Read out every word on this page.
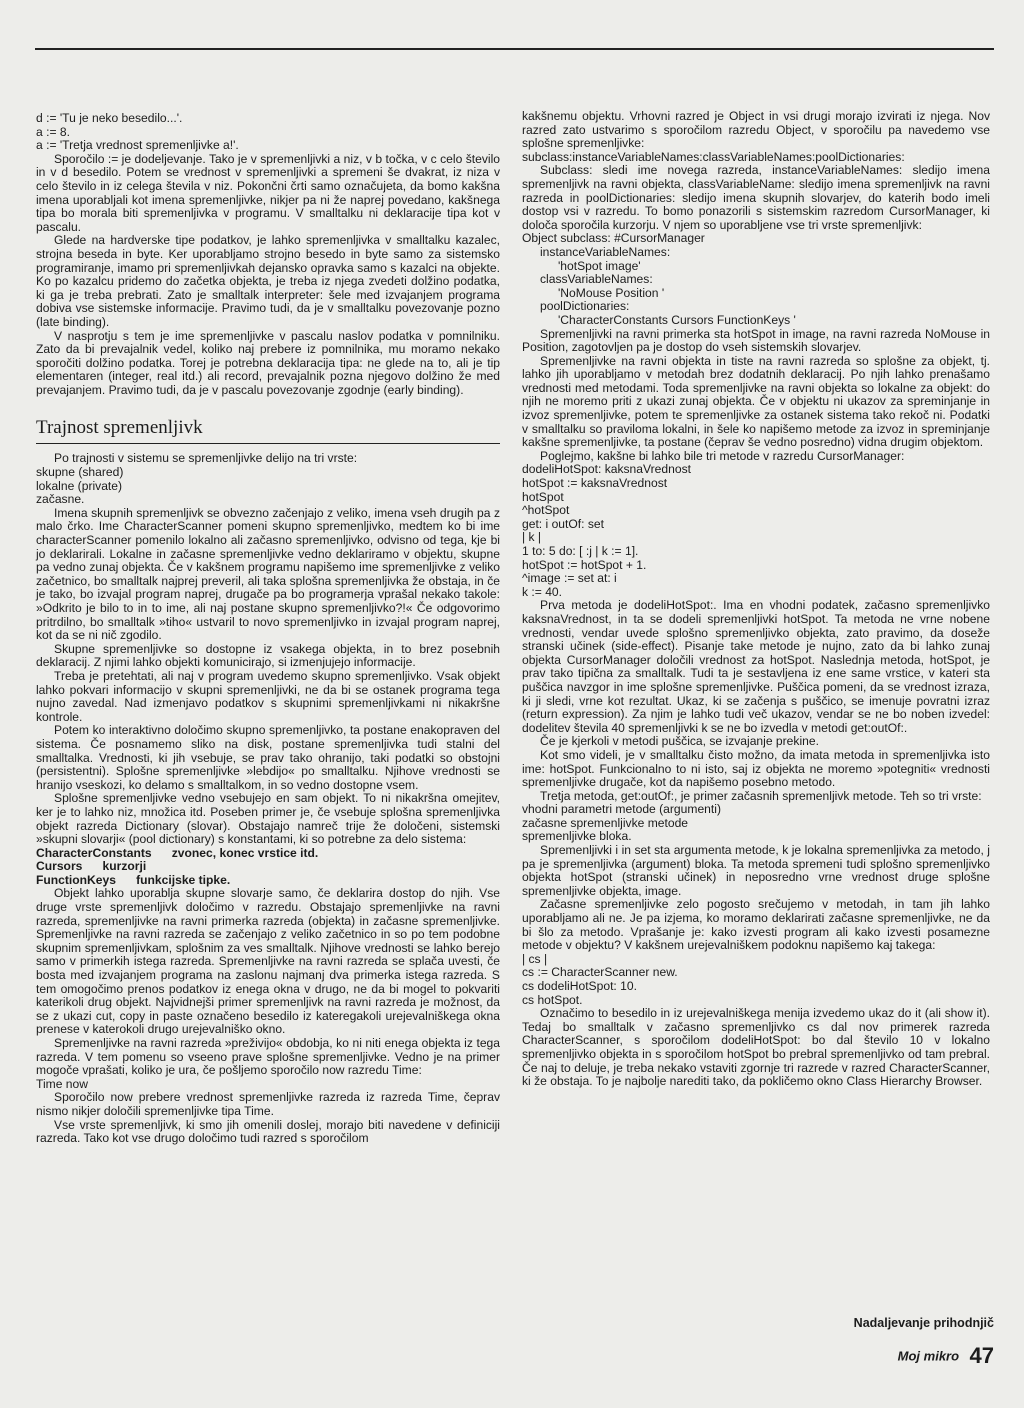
d := 'Tu je neko besedilo...'.

a := 8.

a := 'Tretja vrednost spremenljivke a!'.

Sporočilo := je dodeljevanje. Tako je v spremenljivki a niz, v b točka, v c celo število in v d besedilo. Potem se vrednost v spremenljivki a spremeni še dvakrat, iz niza v celo število in iz celega števila v niz. Pokončni črti samo označujeta, da bomo kakšna imena uporabljali kot imena spremenljivke, nikjer pa ni že naprej povedano, kakšnega tipa bo morala biti spremenljivka v programu. V smalltalku ni deklaracije tipa kot v pascalu.

Glede na hardverske tipe podatkov, je lahko spremenljivka v smalltalku kazalec, strojna beseda in byte. Ker uporabljamo strojno besedo in byte samo za sistemsko programiranje, imamo pri spremenljivkah dejansko opravka samo s kazalci na objekte. Ko po kazalcu pridemo do začetka objekta, je treba iz njega zvedeti dolžino podatka, ki ga je treba prebrati. Zato je smalltalk interpreter: šele med izvajanjem programa dobiva vse sistemske informacije. Pravimo tudi, da je v smalltalku povezovanje pozno (late binding).

V nasprotju s tem je ime spremenljivke v pascalu naslov podatka v pomnilniku. Zato da bi prevajalnik vedel, koliko naj prebere iz pomnilnika, mu moramo nekako sporočiti dolžino podatka. Torej je potrebna deklaracija tipa: ne glede na to, ali je tip elementaren (integer, real itd.) ali record, prevajalnik pozna njegovo dolžino že med prevajanjem. Pravimo tudi, da je v pascalu povezovanje zgodnje (early binding).

Trajnost spremenljivk

Po trajnosti v sistemu se spremenljivke delijo na tri vrste:

skupne (shared)

lokalne (private)

začasne.

Imena skupnih spremenljivk se obvezno začenjajo z veliko, imena vseh drugih pa z malo črko. Ime CharacterScanner pomeni skupno spremenljivko, medtem ko bi ime characterScanner pomenilo lokalno ali začasno spremenljivko, odvisno od tega, kje bi jo deklarirali. Lokalne in začasne spremenljivke vedno deklariramo v objektu, skupne pa vedno zunaj objekta. Če v kakšnem programu napišemo ime spremenljivke z veliko začetnico, bo smalltalk najprej preveril, ali taka splošna spremenljivka že obstaja, in če je tako, bo izvajal program naprej, drugače pa bo programerja vprašal nekako takole: »Odkrito je bilo to in to ime, ali naj postane skupno spremenljivko?!« Če odgovorimo pritrdilno, bo smalltalk »tiho« ustvaril to novo spremenljivko in izvajal program naprej, kot da se ni nič zgodilo.

Skupne spremenljivke so dostopne iz vsakega objekta, in to brez posebnih deklaracij. Z njimi lahko objekti komunicirajo, si izmenjujejo informacije.

Treba je pretehtati, ali naj v program uvedemo skupno spremenljivko. Vsak objekt lahko pokvari informacijo v skupni spremenljivki, ne da bi se ostanek programa tega nujno zavedal. Nad izmenjavo podatkov s skupnimi spremenljivkami ni nikakršne kontrole.

Potem ko interaktivno določimo skupno spremenljivko, ta postane enakopraven del sistema. Če posnamemo sliko na disk, postane spremenljivka tudi stalni del smalltalka. Vrednosti, ki jih vsebuje, se prav tako ohranijo, taki podatki so obstojni (persistentni). Splošne spremenljivke »lebdijo« po smalltalku. Njihove vrednosti se hranijo vseskozi, ko delamo s smalltalkom, in so vedno dostopne vsem.

Splošne spremenljivke vedno vsebujejo en sam objekt. To ni nikakršna omejitev, ker je to lahko niz, množica itd. Poseben primer je, če vsebuje splošna spremenljivka objekt razreda Dictionary (slovar). Obstajajo namreč trije že določeni, sistemski »skupni slovarji« (pool dictionary) s konstantami, ki so potrebne za delo sistema:

CharacterConstants      zvonec, konec vrstice itd.

Cursors      kurzorji

FunctionKeys      funkcijske tipke.

Objekt lahko uporablja skupne slovarje samo, če deklarira dostop do njih. Vse druge vrste spremenljivk določimo v razredu. Obstajajo spremenljivke na ravni razreda, spremenljivke na ravni primerka razreda (objekta) in začasne spremenljivke. Spremenljivke na ravni razreda se začenjajo z veliko začetnico in so po tem podobne skupnim spremenljivkam, splošnim za ves smalltalk. Njihove vrednosti se lahko berejo samo v primerkih istega razreda. Spremenljivke na ravni razreda se splača uvesti, če bosta med izvajanjem programa na zaslonu najmanj dva primerka istega razreda. S tem omogočimo prenos podatkov iz enega okna v drugo, ne da bi mogel to pokvariti katerikoli drug objekt. Najvidnejši primer spremenljivk na ravni razreda je možnost, da se z ukazi cut, copy in paste označeno besedilo iz kateregakoli urejevalniškega okna prenese v katerokoli drugo urejevalniško okno.

Spremenljivke na ravni razreda »preživijo« obdobja, ko ni niti enega objekta iz tega razreda. V tem pomenu so vseeno prave splošne spremenljivke. Vedno je na primer mogoče vprašati, koliko je ura, če pošljemo sporočilo now razredu Time:

Time now

Sporočilo now prebere vrednost spremenljivke razreda iz razreda Time, čeprav nismo nikjer določili spremenljivke tipa Time.

Vse vrste spremenljivk, ki smo jih omenili doslej, morajo biti navedene v definiciji razreda. Tako kot vse drugo določimo tudi razred s sporočilom

kakšnemu objektu. Vrhovni razred je Object in vsi drugi morajo izvirati iz njega. Nov razred zato ustvarimo s sporočilom razredu Object, v sporočilu pa navedemo vse splošne spremenljivke:

subclass:instanceVariableNames:classVariableNames:poolDictionaries:

Subclass: sledi ime novega razreda, instanceVariableNames: sledijo imena spremenljivk na ravni objekta, classVariableName: sledijo imena spremenljivk na ravni razreda in poolDictionaries: sledijo imena skupnih slovarjev, do katerih bodo imeli dostop vsi v razredu. To bomo ponazorili s sistemskim razredom CursorManager, ki določa sporočila kurzorju. V njem so uporabljene vse tri vrste spremenljivk:

Object subclass: #CursorManager

instanceVariableNames:

'hotSpot image'

classVariableNames:

'NoMouse Position '

poolDictionaries:

'CharacterConstants Cursors FunctionKeys '

Spremenljivki na ravni primerka sta hotSpot in image, na ravni razreda NoMouse in Position, zagotovljen pa je dostop do vseh sistemskih slovarjev.

Spremenljivke na ravni objekta in tiste na ravni razreda so splošne za objekt, tj. lahko jih uporabljamo v metodah brez dodatnih deklaracij. Po njih lahko prenašamo vrednosti med metodami. Toda spremenljivke na ravni objekta so lokalne za objekt: do njih ne moremo priti z ukazi zunaj objekta. Če v objektu ni ukazov za spreminjanje in izvoz spremenljivke, potem te spremenljivke za ostanek sistema tako rekoč ni. Podatki v smalltalku so praviloma lokalni, in šele ko napišemo metode za izvoz in spreminjanje kakšne spremenljivke, ta postane (čeprav še vedno posredno) vidna drugim objektom.

Poglejmo, kakšne bi lahko bile tri metode v razredu CursorManager:

dodeliHotSpot: kaksnaVrednost

hotSpot := kaksnaVrednost

hotSpot

^hotSpot

get: i outOf: set

| k |

1 to: 5 do: [ :j | k := 1].

hotSpot := hotSpot + 1.

^image := set at: i

k := 40.

Prva metoda je dodeliHotSpot:. Ima en vhodni podatek, začasno spremenljivko kaksnaVrednost, in ta se dodeli spremenljivki hotSpot. Ta metoda ne vrne nobene vrednosti, vendar uvede splošno spremenljivko objekta, zato pravimo, da doseže stranski učinek (side-effect). Pisanje take metode je nujno, zato da bi lahko zunaj objekta CursorManager določili vrednost za hotSpot. Naslednja metoda, hotSpot, je prav tako tipična za smalltalk. Tudi ta je sestavljena iz ene same vrstice, v kateri sta puščica navzgor in ime splošne spremenljivke. Puščica pomeni, da se vrednost izraza, ki ji sledi, vrne kot rezultat. Ukaz, ki se začenja s puščico, se imenuje povratni izraz (return expression). Za njim je lahko tudi več ukazov, vendar se ne bo noben izvedel: dodelitev števila 40 spremenljivki k se ne bo izvedla v metodi get:outOf:.

Če je kjerkoli v metodi puščica, se izvajanje prekine.

Kot smo videli, je v smalltalku čisto možno, da imata metoda in spremenljivka isto ime: hotSpot. Funkcionalno to ni isto, saj iz objekta ne moremo »potegniti« vrednosti spremenljivke drugače, kot da napišemo posebno metodo.

Tretja metoda, get:outOf:, je primer začasnih spremenljivk metode. Teh so tri vrste:

vhodni parametri metode (argumenti)

začasne spremenljivke metode

spremenljivke bloka.

Spremenljivki i in set sta argumenta metode, k je lokalna spremenljivka za metodo, j pa je spremenljivka (argument) bloka. Ta metoda spremeni tudi splošno spremenljivko objekta hotSpot (stranski učinek) in neposredno vrne vrednost druge splošne spremenljivke objekta, image.

Začasne spremenljivke zelo pogosto srečujemo v metodah, in tam jih lahko uporabljamo ali ne. Je pa izjema, ko moramo deklarirati začasne spremenljivke, ne da bi šlo za metodo. Vprašanje je: kako izvesti program ali kako izvesti posamezne metode v objektu? V kakšnem urejevalniškem podoknu napišemo kaj takega:

| cs |

cs := CharacterScanner new.

cs dodeliHotSpot: 10.

cs hotSpot.

Označimo to besedilo in iz urejevalniškega menija izvedemo ukaz do it (ali show it). Tedaj bo smalltalk v začasno spremenljivko cs dal nov primerek razreda CharacterScanner, s sporočilom dodeliHotSpot: bo dal število 10 v lokalno spremenljivko objekta in s sporočilom hotSpot bo prebral spremenljivko od tam prebral. Če naj to deluje, je treba nekako vstaviti zgornje tri razrede v razred CharacterScanner, ki že obstaja. To je najbolje narediti tako, da pokličemo okno Class Hierarchy Browser.

Nadaljevanje prihodnjič
Moj mikro 47
